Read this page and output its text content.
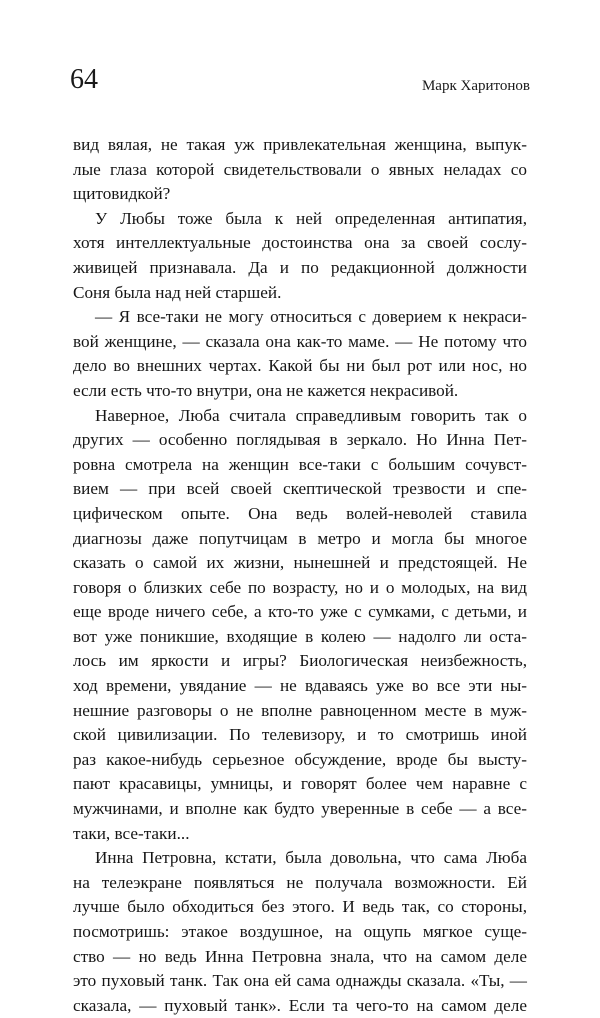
64	Марк Харитонов
вид вялая, не такая уж привлекательная женщина, выпук-
лые глаза которой свидетельствовали о явных неладах со
щитовидкой?
У Любы тоже была к ней определенная антипатия,
хотя интеллектуальные достоинства она за своей сослу-
живицей признавала. Да и по редакционной должности
Соня была над ней старшей.
— Я все-таки не могу относиться с доверием к некраси-
вой женщине, — сказала она как-то маме. — Не потому что
дело во внешних чертах. Какой бы ни был рот или нос, но
если есть что-то внутри, она не кажется некрасивой.
Наверное, Люба считала справедливым говорить так о
других — особенно поглядывая в зеркало. Но Инна Пет-
ровна смотрела на женщин все-таки с большим сочувст-
вием — при всей своей скептической трезвости и спе-
цифическом опыте. Она ведь волей-неволей ставила
диагнозы даже попутчицам в метро и могла бы многое
сказать о самой их жизни, нынешней и предстоящей. Не
говоря о близких себе по возрасту, но и о молодых, на вид
еще вроде ничего себе, а кто-то уже с сумками, с детьми, и
вот уже поникшие, входящие в колею — надолго ли оста-
лось им яркости и игры? Биологическая неизбежность,
ход времени, увядание — не вдаваясь уже во все эти ны-
нешние разговоры о не вполне равноценном месте в муж-
ской цивилизации. По телевизору, и то смотришь иной
раз какое-нибудь серьезное обсуждение, вроде бы высту-
пают красавицы, умницы, и говорят более чем наравне с
мужчинами, и вполне как будто уверенные в себе — а все-
таки, все-таки...
Инна Петровна, кстати, была довольна, что сама Люба
на телеэкране появляться не получала возможности. Ей
лучше было обходиться без этого. И ведь так, со стороны,
посмотришь: этакое воздушное, на ощупь мягкое суще-
ство — но ведь Инна Петровна знала, что на самом деле
это пуховый танк. Так она ей сама однажды сказала. «Ты, —
сказала, — пуховый танк». Если та чего-то на самом деле
